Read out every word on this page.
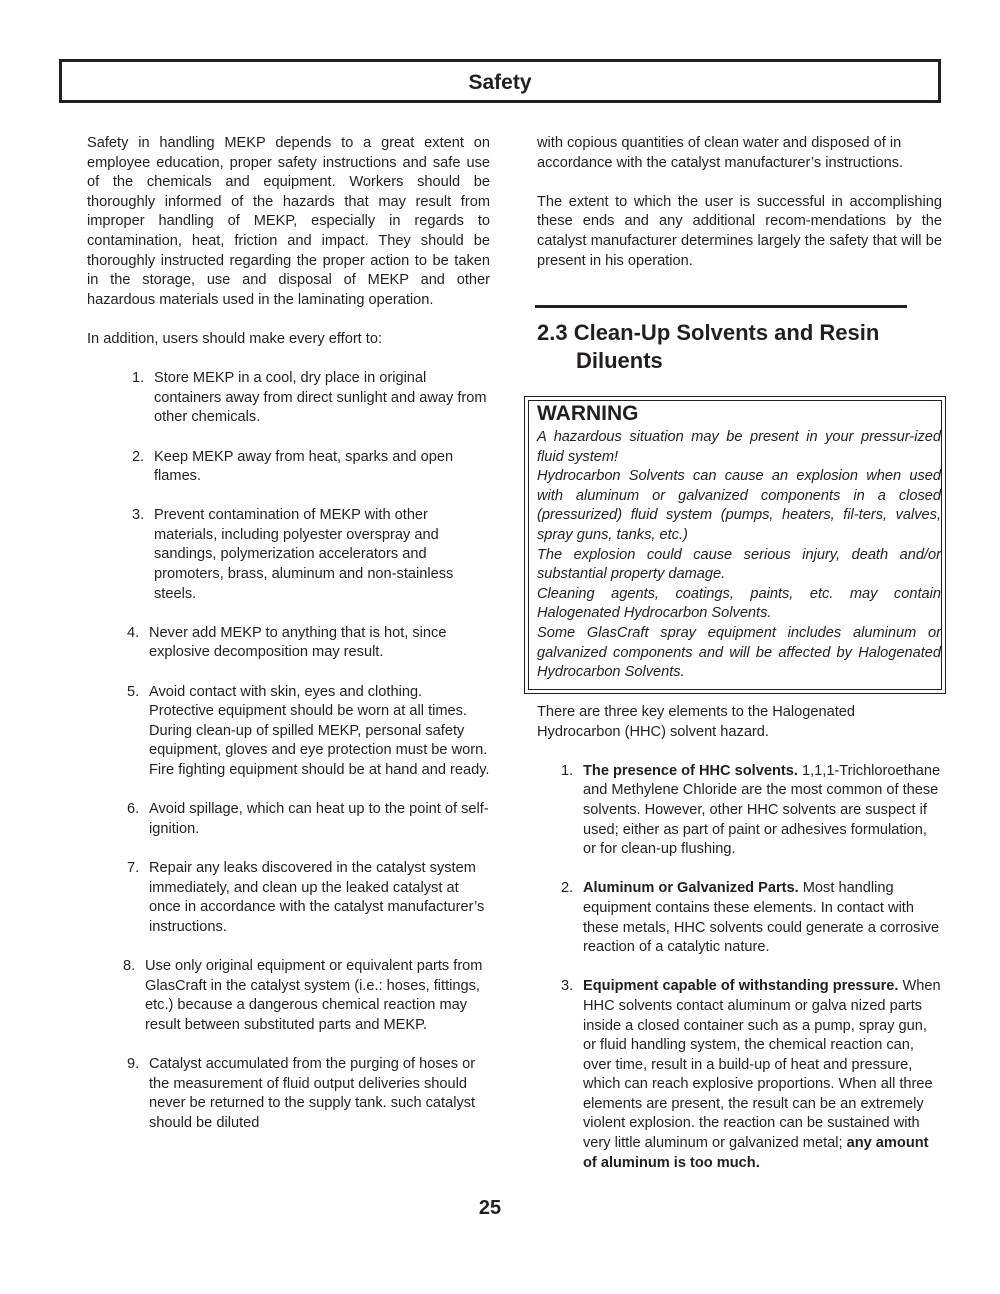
Safety

Safety in handling MEKP depends to a great extent on employee education, proper safety instructions and safe use of the chemicals and equipment. Workers should be thoroughly informed of the hazards that may result from improper handling of MEKP, especially in regards to contamination, heat, friction and impact. They should be thoroughly instructed regarding the proper action to be taken in the storage, use and disposal of MEKP and other hazardous materials used in the laminating operation.

In addition, users should make every effort to:

1. Store MEKP in a cool, dry place in original containers away from direct sunlight and away from other chemicals.
2. Keep MEKP away from heat, sparks and open flames.
3. Prevent contamination of MEKP with other materials, including polyester overspray and sandings, polymerization accelerators and promoters, brass, aluminum and non-stainless steels.
4. Never add MEKP to anything that is hot, since explosive decomposition may result.
5. Avoid contact with skin, eyes and clothing. Protective equipment should be worn at all times. During clean-up of spilled MEKP, personal safety equipment, gloves and eye protection must be worn. Fire fighting equipment should be at hand and ready.
6. Avoid spillage, which can heat up to the point of self-ignition.
7. Repair any leaks discovered in the catalyst system immediately, and clean up the leaked catalyst at once in accordance with the catalyst manufacturer’s instructions.
8. Use only original equipment or equivalent parts from GlasCraft in the catalyst system (i.e.: hoses, fittings, etc.) because a dangerous chemical reaction may result between substituted parts and MEKP.
9. Catalyst accumulated from the purging of hoses or the measurement of fluid output deliveries should never be returned to the supply tank. such catalyst should be diluted

with copious quantities of clean water and disposed of in accordance with the catalyst manufacturer’s instructions.

The extent to which the user is successful in accomplishing these ends and any additional recom-mendations by the catalyst manufacturer determines largely the safety that will be present in his operation.

2.3 Clean-Up Solvents and Resin
Diluents
WARNING

A hazardous situation may be present in your pressur-ized fluid system!

Hydrocarbon Solvents can cause an explosion when used with aluminum or galvanized components in a closed (pressurized) fluid system (pumps, heaters, fil-ters, valves, spray guns, tanks, etc.)

The explosion could cause serious injury, death and/or substantial property damage.

Cleaning agents, coatings, paints, etc. may contain Halogenated Hydrocarbon Solvents.

Some GlasCraft spray equipment includes aluminum or galvanized components and will be affected by Halogenated Hydrocarbon Solvents.

There are three key elements to the Halogenated Hydrocarbon (HHC) solvent hazard.

1. The presence of HHC solvents. 1,1,1-Trichloroethane and Methylene Chloride are the most common of these solvents. However, other HHC solvents are suspect if used; either as part of paint or adhesives formulation, or for clean-up flushing.
2. Aluminum or Galvanized Parts. Most handling equipment contains these elements. In contact with these metals, HHC solvents could generate a corrosive reaction of a catalytic nature.
3. Equipment capable of withstanding pressure. When HHC solvents contact aluminum or galva nized parts inside a closed container such as a pump, spray gun, or fluid handling system, the chemical reaction can, over time, result in a build-up of heat and pressure, which can reach explosive proportions. When all three elements are present, the result can be an extremely violent explosion. the reaction can be sustained with very little aluminum or galvanized metal; any amount of aluminum is too much.
25
